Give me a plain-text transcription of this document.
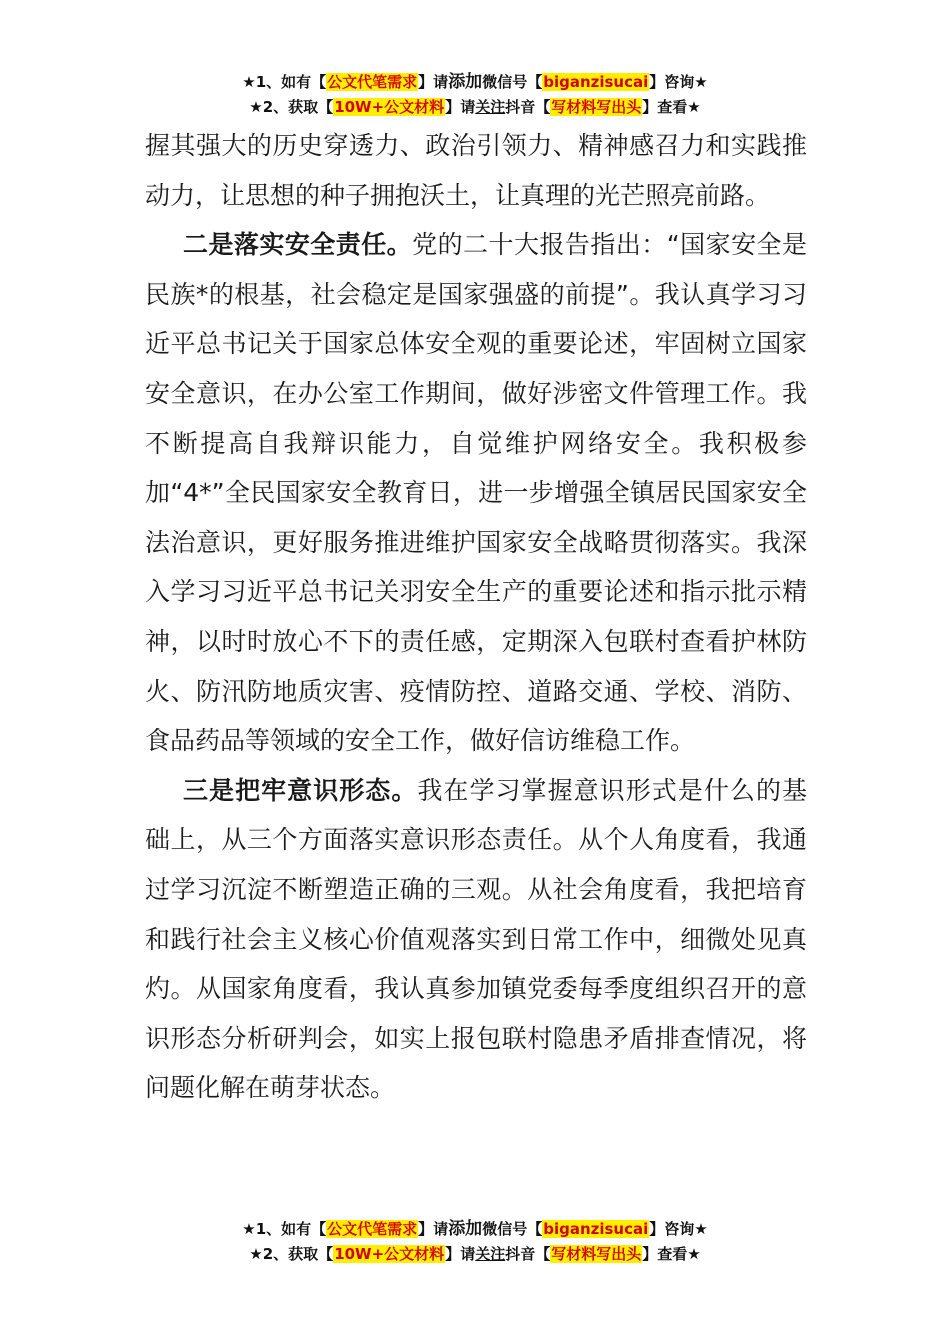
★1、如有【公文代笔需求】请添加微信号【biganzisucai】咨询★
★2、获取【10W+公文材料】请关注抖音【写材料写出头】查看★

握其强大的历史穿透力、政治引领力、精神感召力和实践推动力，让思想的种子拥抱沃土，让真理的光芒照亮前路。

二是落实安全责任。党的二十大报告指出：“国家安全是民族*的根基，社会稳定是国家强盛的前提”。我认真学习习近平总书记关于国家总体安全观的重要论述，牢固树立国家安全意识，在办公室工作期间，做好涉密文件管理工作。我不断提高自我辩识能力，自觉维护网络安全。我积极参加“4*”全民国家安全教育日，进一步增强全镇居民国家安全法治意识，更好服务推进维护国家安全战略贯彻落实。我深入学习习近平总书记关羽安全生产的重要论述和指示批示精神，以时时放心不下的责任感，定期深入包联村查看护林防火、防汛防地质灾害、疫情防控、道路交通、学校、消防、食品药品等领域的安全工作，做好信访维稳工作。

三是把牢意识形态。我在学习掌握意识形式是什么的基础上，从三个方面落实意识形态责任。从个人角度看，我通过学习沉淀不断塑造正确的三观。从社会角度看，我把培育和践行社会主义核心价值观落实到日常工作中，细微处见真灼。从国家角度看，我认真参加镇党委每季度组织召开的意识形态分析研判会，如实上报包联村隐患矛盾排查情况，将问题化解在萌芽状态。

★1、如有【公文代笔需求】请添加微信号【biganzisucai】咨询★
★2、获取【10W+公文材料】请关注抖音【写材料写出头】查看★
